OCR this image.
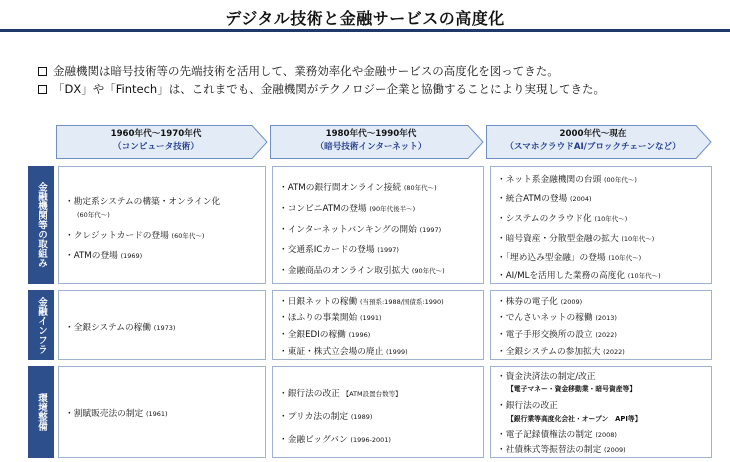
デジタル技術と金融サービスの高度化
金融機関は暗号技術等の先端技術を活用して、業務効率化や金融サービスの高度化を図ってきた。
「DX」や「Fintech」は、これまでも、金融機関がテクノロジー企業と協働することにより実現してきた。
1960年代～1970年代
（コンピュータ技術）
1980年代～1990年代
（暗号技術インターネット）
2000年代～現在
（スマホクラウドAI/ブロックチェーンなど）
金融機関等の取組み ・勘定系システムの構築・オンライン化
(60年代～)
・クレジットカードの登場 (60年代～)
・ATMの登場 (1969)
・ATMの銀行間オンライン接続 (80年代～)
・コンビニATMの登場 (90年代後半～)
・インターネットバンキングの開始 (1997)
・交通系ICカードの登場 (1997)
・金融商品のオンライン取引拡大 (90年代～)
・ネット系金融機関の台頭 (00年代～)
・統合ATMの登場 (2004)
・システムのクラウド化 (10年代～)
・暗号資産・分散型金融の拡大 (10年代～)
・「埋め込み型金融」の登場 (10年代～)
・AI/MLを活用した業務の高度化 (10年代～)
金融インフラ ・全銀システムの稼働 (1973)
・日銀ネットの稼働 (当預系:1988/国債系:1990)
・ほふりの事業開始 (1991)
・全銀EDIの稼働 (1996)
・東証・株式立会場の廃止 (1999)
・株券の電子化 (2009)
・でんさいネットの稼働 (2013)
・電子手形交換所の設立 (2022)
・全銀システムの参加拡大 (2022)
環境整備 ・割賦販売法の制定 (1961)
・銀行法の改正 【ATM設置台数等】
・プリカ法の制定 (1989)
・金融ビッグバン (1996-2001)
・資金決済法の制定/改正
【電子マネー・資金移動業・暗号資産等】
・銀行法の改正
【銀行業等高度化会社・オープン　API等】
・電子記録債権法の制定 (2008)
・社債株式等振替法の制定 (2009)
